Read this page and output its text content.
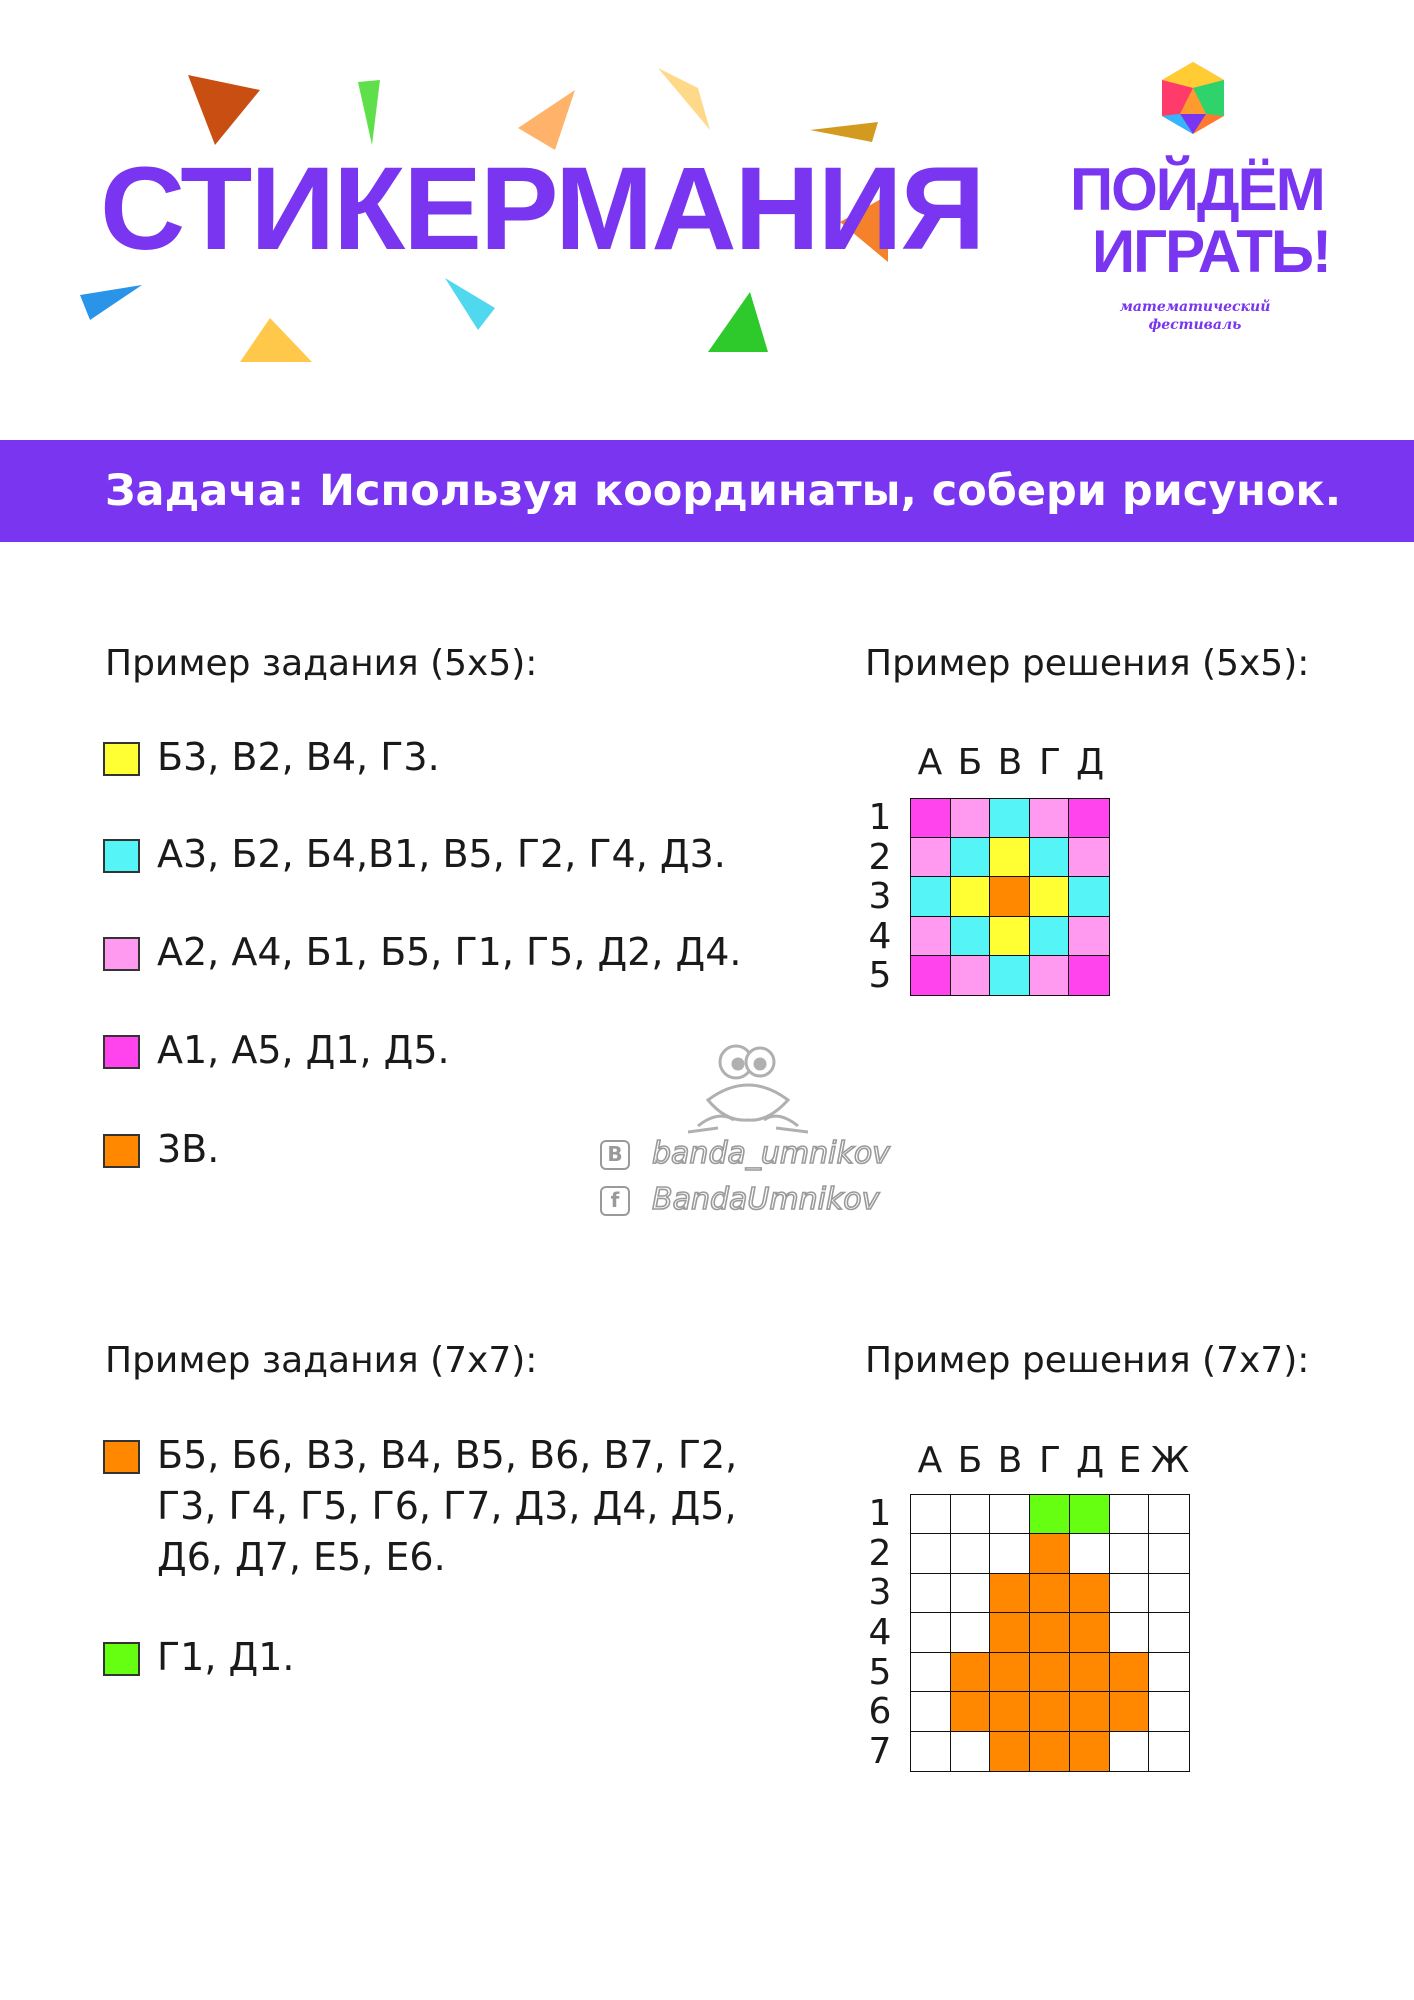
СТИКЕРМАНИЯ ПОЙДЁМ
ИГРАТЬ!
математический
фестиваль
Задача: Используя координаты, собери рисунок.
Пример задания (5х5):	Пример решения (5х5):
Б3, В2, В4, Г3.
А3, Б2, Б4,В1, В5, Г2, Г4, Д3.
А2, А4, Б1, Б5, Г1, Г5, Д2, Д4.
А1, А5, Д1, Д5.
3В.
А Б В Г Д
1
2
3
4
5
В banda_umnikov
f	BandaUmnikov
Пример задания (7х7):	Пример решения (7х7):
Б5, Б6, В3, В4, В5, В6, В7, Г2,
Г3, Г4, Г5, Г6, Г7, Д3, Д4, Д5,
Д6, Д7, Е5, Е6.
Г1, Д1.
А Б В Г Д Е Ж
1
2
3
4
5
6
7
